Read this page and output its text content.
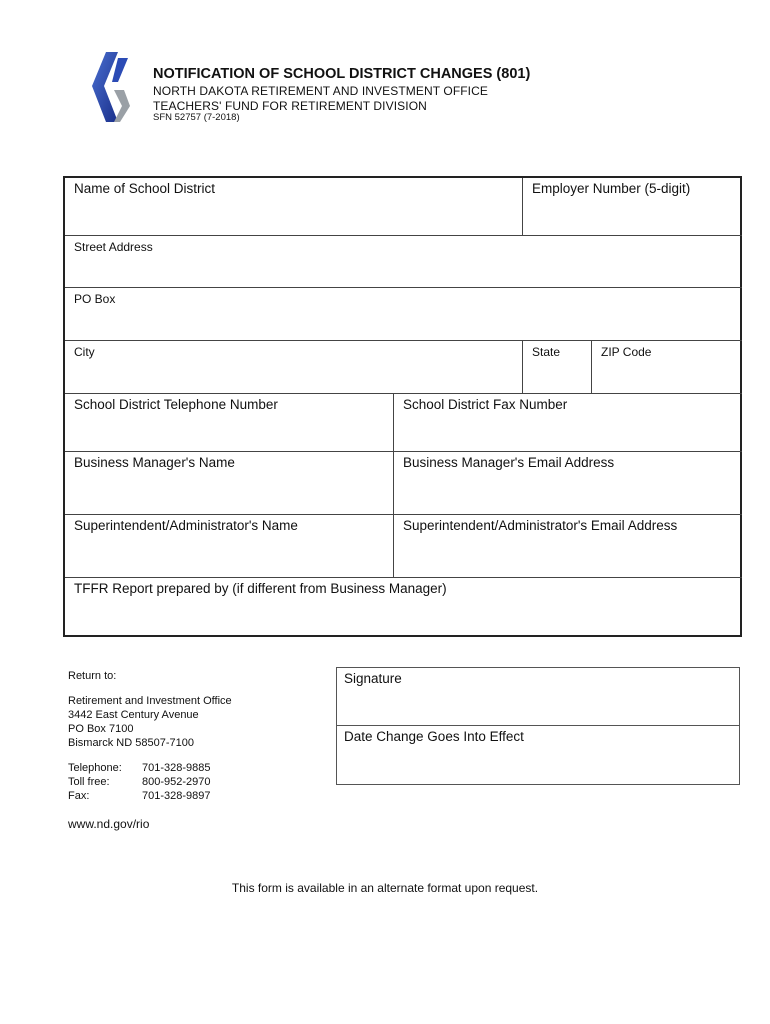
NOTIFICATION OF SCHOOL DISTRICT CHANGES (801)
NORTH DAKOTA RETIREMENT AND INVESTMENT OFFICE
TEACHERS' FUND FOR RETIREMENT DIVISION
SFN 52757 (7-2018)
Name of School District	Employer Number (5-digit)
Street Address
PO Box
City	State	ZIP Code
School District Telephone Number	School District Fax Number
Business Manager's Name	Business Manager's Email Address
Superintendent/Administrator's Name	Superintendent/Administrator's Email Address
TFFR Report prepared by (if different from Business Manager)
Return to:
Retirement and Investment Office
3442 East Century Avenue
PO Box 7100
Bismarck ND 58507-7100
Telephone: 701-328-9885
Toll free:	800-952-2970
Fax:	701-328-9897
www.nd.gov/rio
Signature
Date Change Goes Into Effect
This form is available in an alternate format upon request.
